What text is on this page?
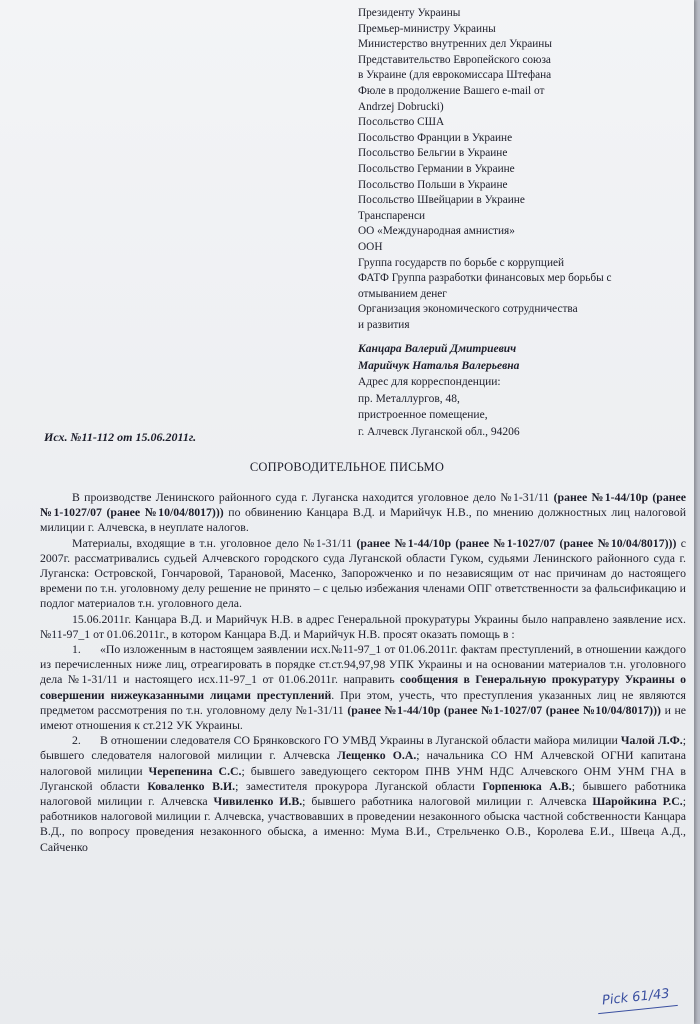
Президенту Украины
Премьер-министру Украины
Министерство внутренних дел Украины
Представительство Европейского союза
в Украине (для еврокомиссара Штефана
Фюле в продолжение Вашего e-mail от
Andrzej Dobrucki)
Посольство США
Посольство Франции в Украине
Посольство Бельгии в Украине
Посольство Германии в Украине
Посольство Польши в Украине
Посольство Швейцарии в Украине
Транспаренси
ОО «Международная амнистия»
ООН
Группа государств по борьбе с коррупцией
ФАТФ Группа разработки финансовых мер борьбы с
отмыванием денег
Организация экономического сотрудничества
и развития
Канцара Валерий Дмитриевич
Марийчук Наталья Валерьевна
Адрес для корреспонденции:
пр. Металлургов, 48,
пристроенное помещение,
г. Алчевск Луганской обл., 94206
Исх. №11-112 от 15.06.2011г.
СОПРОВОДИТЕЛЬНОЕ ПИСЬМО

В производстве Ленинского районного суда г. Луганска находится уголовное дело №1-31/11 (ранее №1-44/10р (ранее №1-1027/07 (ранее №10/04/8017))) по обвинению Канцара В.Д. и Марийчук Н.В., по мнению должностных лиц налоговой милиции г. Алчевска, в неуплате налогов.

Материалы, входящие в т.н. уголовное дело №1-31/11 (ранее №1-44/10р (ранее №1-1027/07 (ранее №10/04/8017))) с 2007г. рассматривались судьей Алчевского городского суда Луганской области Гуком, судьями Ленинского районного суда г. Луганска: Островской, Гончаровой, Тарановой, Масенко, Запорожченко и по независящим от нас причинам до настоящего времени по т.н. уголовному делу решение не принято – с целью избежания членами ОПГ ответственности за фальсификацию и подлог материалов т.н. уголовного дела.

15.06.2011г. Канцара В.Д. и Марийчук Н.В. в адрес Генеральной прокуратуры Украины было направлено заявление исх.№11-97_1 от 01.06.2011г., в котором Канцара В.Д. и Марийчук Н.В. просят оказать помощь в :

1. «По изложенным в настоящем заявлении исх.№11-97_1 от 01.06.2011г. фактам преступлений, в отношении каждого из перечисленных ниже лиц, отреагировать в порядке ст.ст.94,97,98 УПК Украины и на основании материалов т.н. уголовного дела №1-31/11 и настоящего исх.11-97_1 от 01.06.2011г. направить сообщения в Генеральную прокуратуру Украины о совершении нижеуказанными лицами преступлений. При этом, учесть, что преступления указанных лиц не являются предметом рассмотрения по т.н. уголовному делу №1-31/11 (ранее №1-44/10р (ранее №1-1027/07 (ранее №10/04/8017))) и не имеют отношения к ст.212 УК Украины.

2. В отношении следователя СО Брянковского ГО УМВД Украины в Луганской области майора милиции Чалой Л.Ф.; бывшего следователя налоговой милиции г. Алчевска Лещенко О.А.; начальника СО НМ Алчевской ОГНИ капитана налоговой милиции Черепенина С.С.; бывшего заведующего сектором ПНВ УНМ НДС Алчевского ОНМ УНМ ГНА в Луганской области Коваленко В.И.; заместителя прокурора Луганской области Горпенюка А.В.; бывшего работника налоговой милиции г. Алчевска Чивиленко И.В.; бывшего работника налоговой милиции г. Алчевска Шаройкина Р.С.; работников налоговой милиции г. Алчевска, участвовавших в проведении незаконного обыска частной собственности Канцара В.Д., по вопросу проведения незаконного обыска, а именно: Мума В.И., Стрельченко О.В., Королева Е.И., Швеца А.Д., Сайченко

Pick 61/43
